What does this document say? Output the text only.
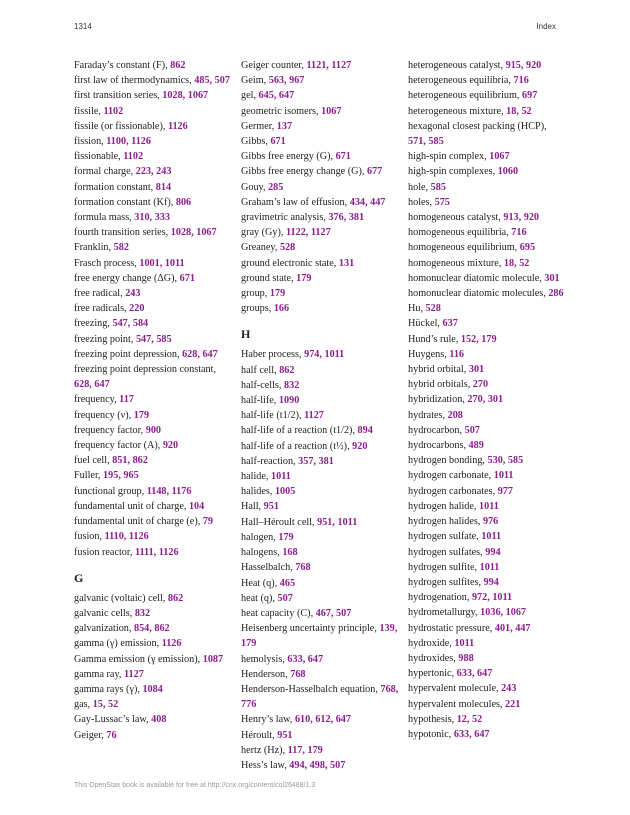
1314	Index
Faraday’s constant (F), 862
first law of thermodynamics, 485, 507
first transition series, 1028, 1067
fissile, 1102
fissile (or fissionable), 1126
fission, 1100, 1126
fissionable, 1102
formal charge, 223, 243
formation constant, 814
formation constant (Kf), 806
formula mass, 310, 333
fourth transition series, 1028, 1067
Franklin, 582
Frasch process, 1001, 1011
free energy change (ΔG), 671
free radical, 243
free radicals, 220
freezing, 547, 584
freezing point, 547, 585
freezing point depression, 628, 647
freezing point depression constant, 628, 647
frequency, 117
frequency (ν), 179
frequency factor, 900
frequency factor (A), 920
fuel cell, 851, 862
Fuller, 195, 965
functional group, 1148, 1176
fundamental unit of charge, 104
fundamental unit of charge (e), 79
fusion, 1110, 1126
fusion reactor, 1111, 1126
G
galvanic (voltaic) cell, 862
galvanic cells, 832
galvanization, 854, 862
gamma (γ) emission, 1126
Gamma emission (γ emission), 1087
gamma ray, 1127
gamma rays (γ), 1084
gas, 15, 52
Gay-Lussac’s law, 408
Geiger, 76
Geiger counter, 1121, 1127
Geim, 563, 967
gel, 645, 647
geometric isomers, 1067
Germer, 137
Gibbs, 671
Gibbs free energy (G), 671
Gibbs free energy change (G), 677
Gouy, 285
Graham’s law of effusion, 434, 447
gravimetric analysis, 376, 381
gray (Gy), 1122, 1127
Greaney, 528
ground electronic state, 131
ground state, 179
group, 179
groups, 166
H
Haber process, 974, 1011
half cell, 862
half-cells, 832
half-life, 1090
half-life (t1/2), 1127
half-life of a reaction (t1/2), 894
half-life of a reaction (t½), 920
half-reaction, 357, 381
halide, 1011
halides, 1005
Hall, 951
Hall–Héroult cell, 951, 1011
halogen, 179
halogens, 168
Hasselbalch, 768
Heat (q), 465
heat (q), 507
heat capacity (C), 467, 507
Heisenberg uncertainty principle, 139, 179
hemolysis, 633, 647
Henderson, 768
Henderson-Hasselbalch equation, 768, 776
Henry’s law, 610, 612, 647
Héroult, 951
hertz (Hz), 117, 179
Hess’s law, 494, 498, 507
heterogeneous catalyst, 915, 920
heterogeneous equilibria, 716
heterogeneous equilibrium, 697
heterogeneous mixture, 18, 52
hexagonal closest packing (HCP), 571, 585
high-spin complex, 1067
high-spin complexes, 1060
hole, 585
holes, 575
homogeneous catalyst, 913, 920
homogeneous equilibria, 716
homogeneous equilibrium, 695
homogeneous mixture, 18, 52
homonuclear diatomic molecule, 301
homonuclear diatomic molecules, 286
Hu, 528
Hückel, 637
Hund’s rule, 152, 179
Huygens, 116
hybrid orbital, 301
hybrid orbitals, 270
hybridization, 270, 301
hydrates, 208
hydrocarbon, 507
hydrocarbons, 489
hydrogen bonding, 530, 585
hydrogen carbonate, 1011
hydrogen carbonates, 977
hydrogen halide, 1011
hydrogen halides, 976
hydrogen sulfate, 1011
hydrogen sulfates, 994
hydrogen sulfite, 1011
hydrogen sulfites, 994
hydrogenation, 972, 1011
hydrometallurgy, 1036, 1067
hydrostatic pressure, 401, 447
hydroxide, 1011
hydroxides, 988
hypertonic, 633, 647
hypervalent molecule, 243
hypervalent molecules, 221
hypothesis, 12, 52
hypotonic, 633, 647
This OpenStax book is available for free at http://cnx.org/content/col26488/1.3
